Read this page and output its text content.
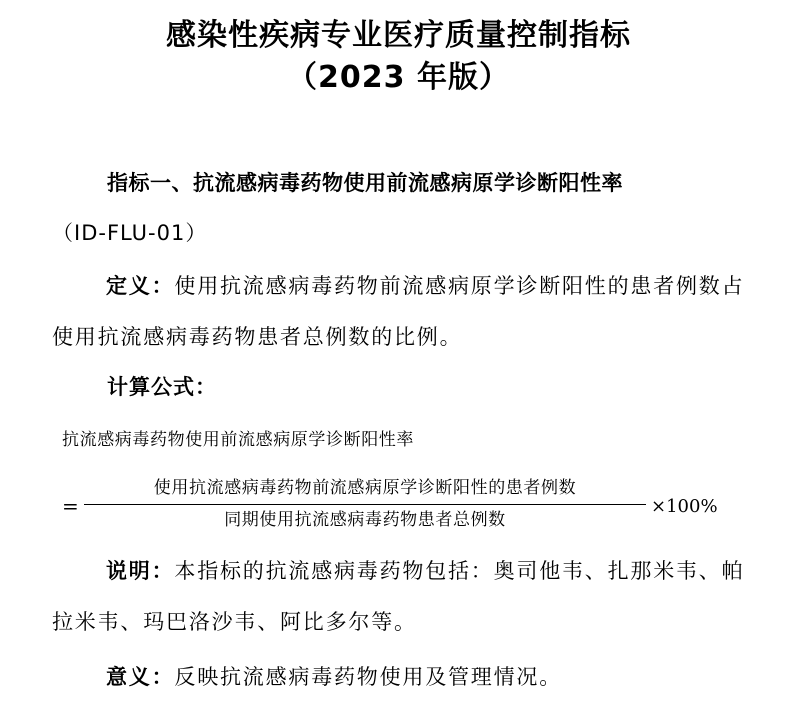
感染性疾病专业医疗质量控制指标
（2023 年版）
指标一、抗流感病毒药物使用前流感病原学诊断阳性率
（ID-FLU-01）
定义：使用抗流感病毒药物前流感病原学诊断阳性的患者例数占使用抗流感病毒药物患者总例数的比例。
计算公式：
抗流感病毒药物使用前流感病原学诊断阳性率
=
使用抗流感病毒药物前流感病原学诊断阳性的患者例数
同期使用抗流感病毒药物患者总例数
×100%
说明：本指标的抗流感病毒药物包括：奥司他韦、扎那米韦、帕拉米韦、玛巴洛沙韦、阿比多尔等。
意义：反映抗流感病毒药物使用及管理情况。
